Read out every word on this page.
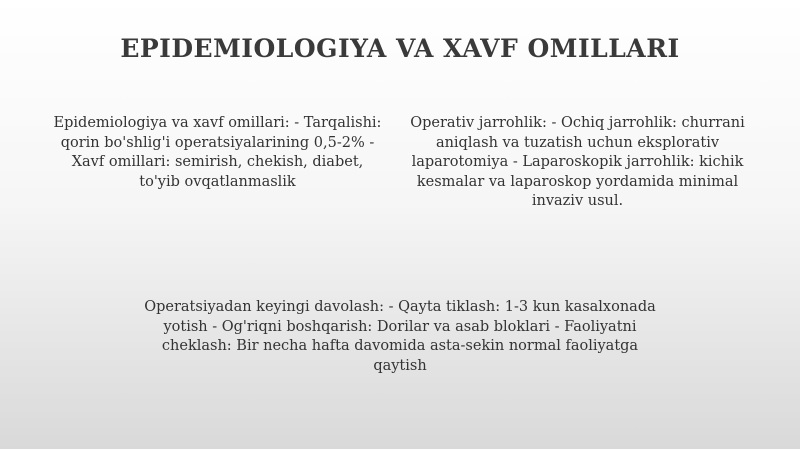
EPIDEMIOLOGIYA VA XAVF OMILLARI

Epidemiologiya va xavf omillari: - Tarqalishi: qorin bo'shlig'i operatsiyalarining 0,5-2% - Xavf omillari: semirish, chekish, diabet, to'yib ovqatlanmaslik

Operativ jarrohlik: - Ochiq jarrohlik: churrani aniqlash va tuzatish uchun eksplorativ laparotomiya - Laparoskopik jarrohlik: kichik kesmalar va laparoskop yordamida minimal invaziv usul.

Operatsiyadan keyingi davolash: - Qayta tiklash: 1-3 kun kasalxonada yotish - Og'riqni boshqarish: Dorilar va asab bloklari - Faoliyatni cheklash: Bir necha hafta davomida asta-sekin normal faoliyatga qaytish
